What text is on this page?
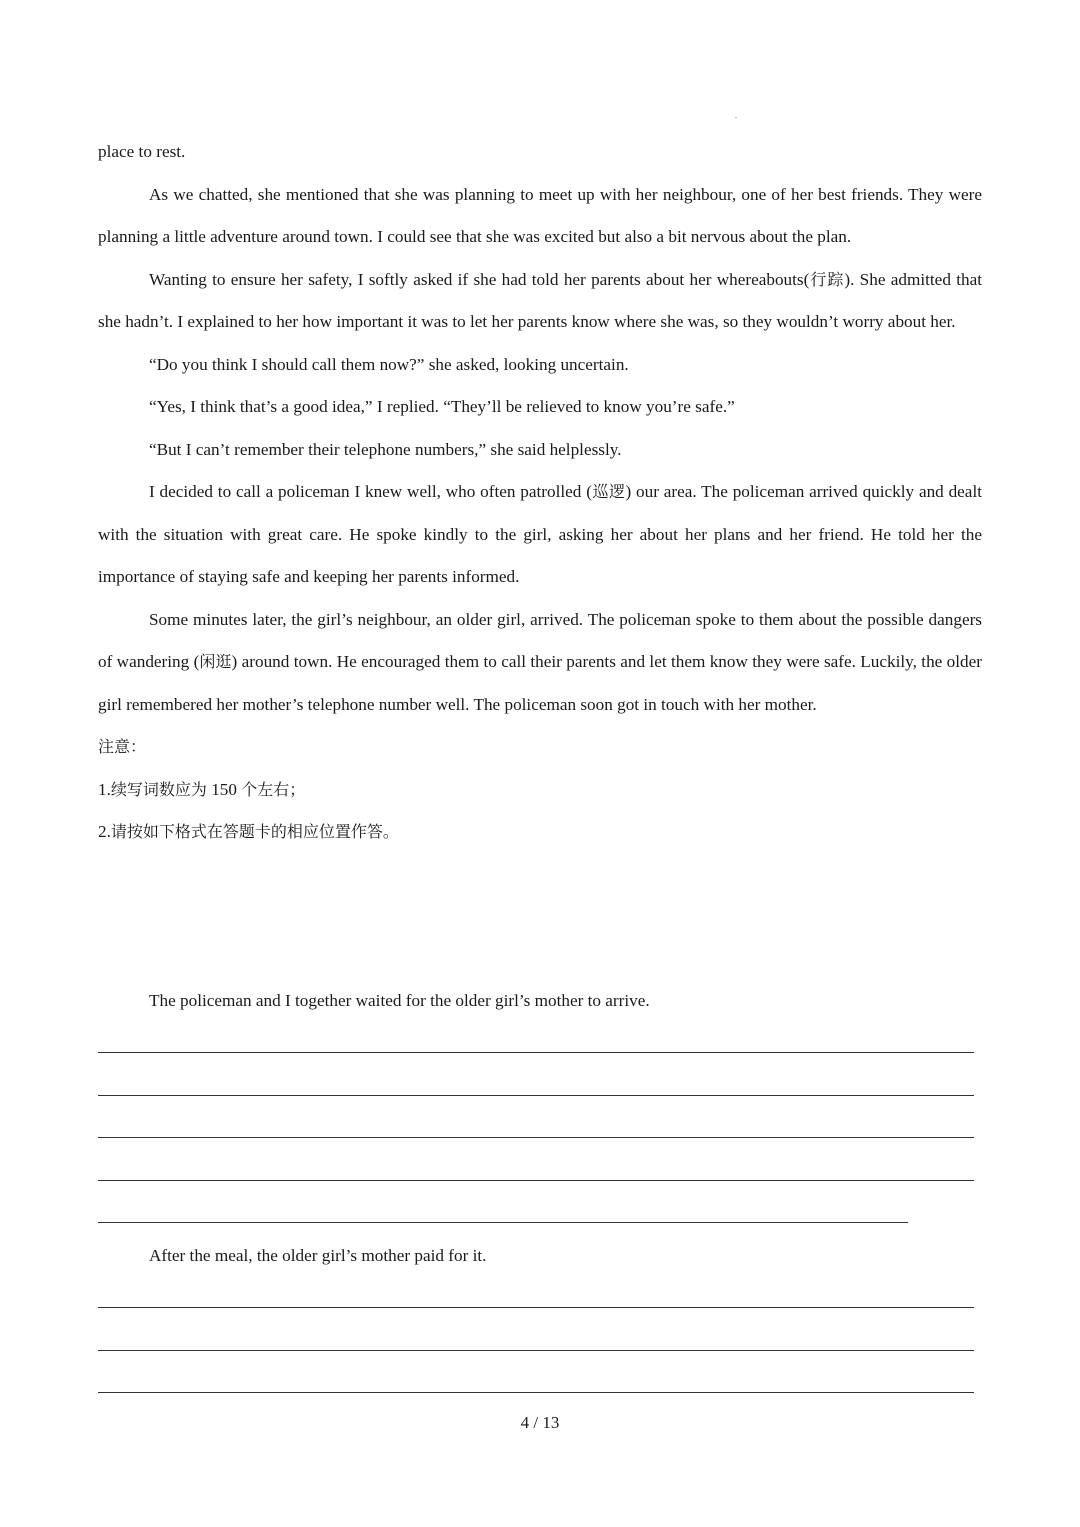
place to rest.

As we chatted, she mentioned that she was planning to meet up with her neighbour, one of her best friends. They were planning a little adventure around town. I could see that she was excited but also a bit nervous about the plan.

Wanting to ensure her safety, I softly asked if she had told her parents about her whereabouts(行踪). She admitted that she hadn’t. I explained to her how important it was to let her parents know where she was, so they wouldn’t worry about her.

“Do you think I should call them now?” she asked, looking uncertain.

“Yes, I think that’s a good idea,” I replied. “They’ll be relieved to know you’re safe.”

“But I can’t remember their telephone numbers,” she said helplessly.

I decided to call a policeman I knew well, who often patrolled (巡逻) our area. The policeman arrived quickly and dealt with the situation with great care. He spoke kindly to the girl, asking her about her plans and her friend. He told her the importance of staying safe and keeping her parents informed.

Some minutes later, the girl’s neighbour, an older girl, arrived. The policeman spoke to them about the possible dangers of wandering (闲逛) around town. He encouraged them to call their parents and let them know they were safe. Luckily, the older girl remembered her mother’s telephone number well. The policeman soon got in touch with her mother.

注意：

1.续写词数应为 150 个左右；

2.请按如下格式在答题卡的相应位置作答。

The policeman and I together waited for the older girl’s mother to arrive.

After the meal, the older girl’s mother paid for it.

4 / 13
